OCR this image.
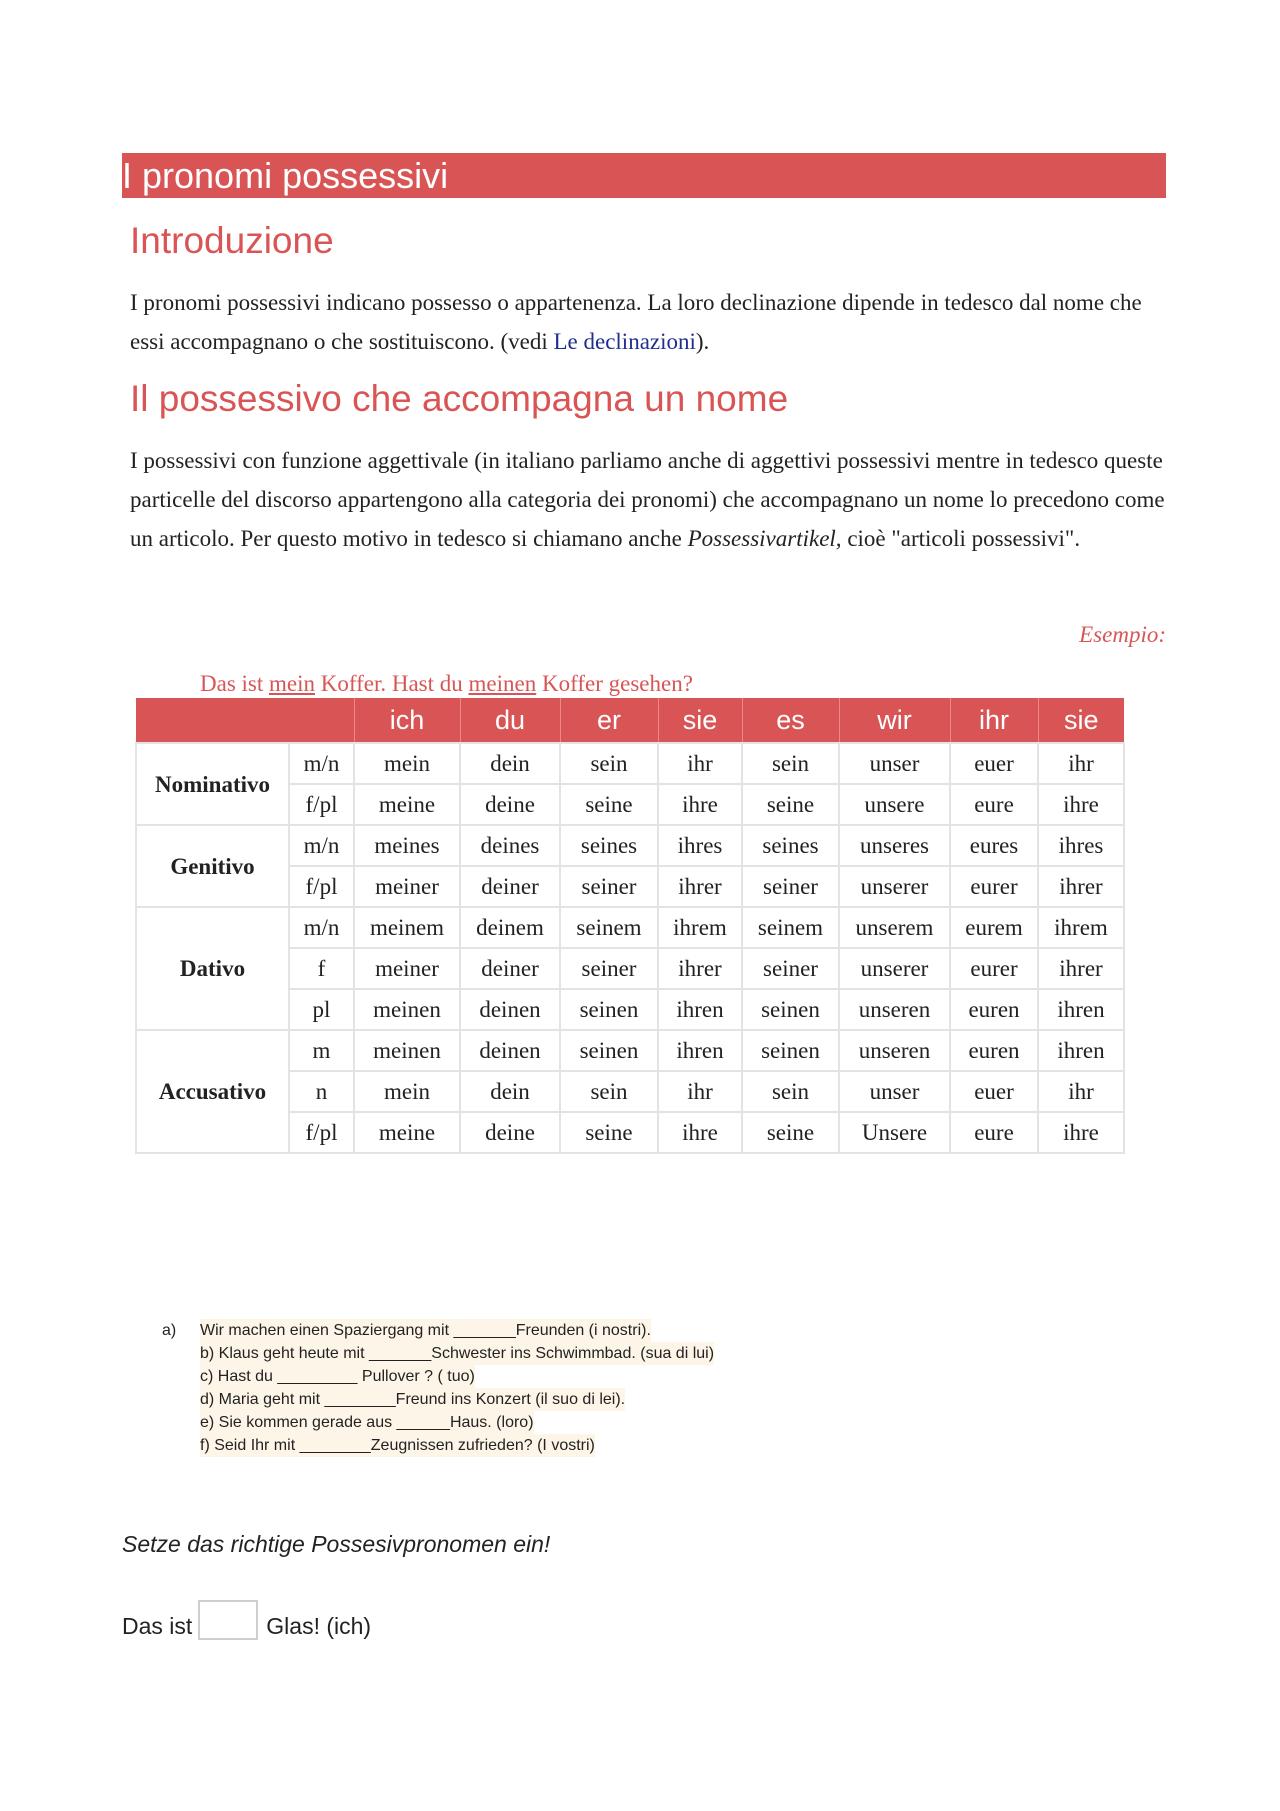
I pronomi possessivi
Introduzione
I pronomi possessivi indicano possesso o appartenenza. La loro declinazione dipende in tedesco dal nome che essi accompagnano o che sostituiscono. (vedi Le declinazioni).
Il possessivo che accompagna un nome
I possessivi con funzione aggettivale (in italiano parliamo anche di aggettivi possessivi mentre in tedesco queste particelle del discorso appartengono alla categoria dei pronomi) che accompagnano un nome lo precedono come un articolo. Per questo motivo in tedesco si chiamano anche Possessivartikel, cioè "articoli possessivi".
Esempio:
Das ist mein Koffer. Hast du meinen Koffer gesehen?
		ich	du	er	sie	es	wir	ihr	sie
Nominativo	m/n	mein	dein	sein	ihr	sein	unser	euer	ihr
	f/pl	meine	deine	seine	ihre	seine	unsere	eure	ihre
Genitivo	m/n	meines	deines	seines	ihres	seines	unseres	eures	ihres
	f/pl	meiner	deiner	seiner	ihrer	seiner	unserer	eurer	ihrer
Dativo	m/n	meinem	deinem	seinem	ihrem	seinem	unserem	eurem	ihrem
	f	meiner	deiner	seiner	ihrer	seiner	unserer	eurer	ihrer
	pl	meinen	deinen	seinen	ihren	seinen	unseren	euren	ihren
Accusativo	m	meinen	deinen	seinen	ihren	seinen	unseren	euren	ihren
	n	mein	dein	sein	ihr	sein	unser	euer	ihr
	f/pl	meine	deine	seine	ihre	seine	Unsere	eure	ihre
a) Wir machen einen Spaziergang mit _______Freunden (i nostri).
b) Klaus geht heute mit _______Schwester ins Schwimmbad. (sua di lui)
c) Hast du _________ Pullover ? ( tuo)
d) Maria geht mit ________Freund ins Konzert (il suo di lei).
e) Sie kommen gerade aus ______Haus. (loro)
f) Seid Ihr mit ________Zeugnissen zufrieden? (I vostri)
Setze das richtige Possesivpronomen ein!
Das ist	Glas! (ich)
